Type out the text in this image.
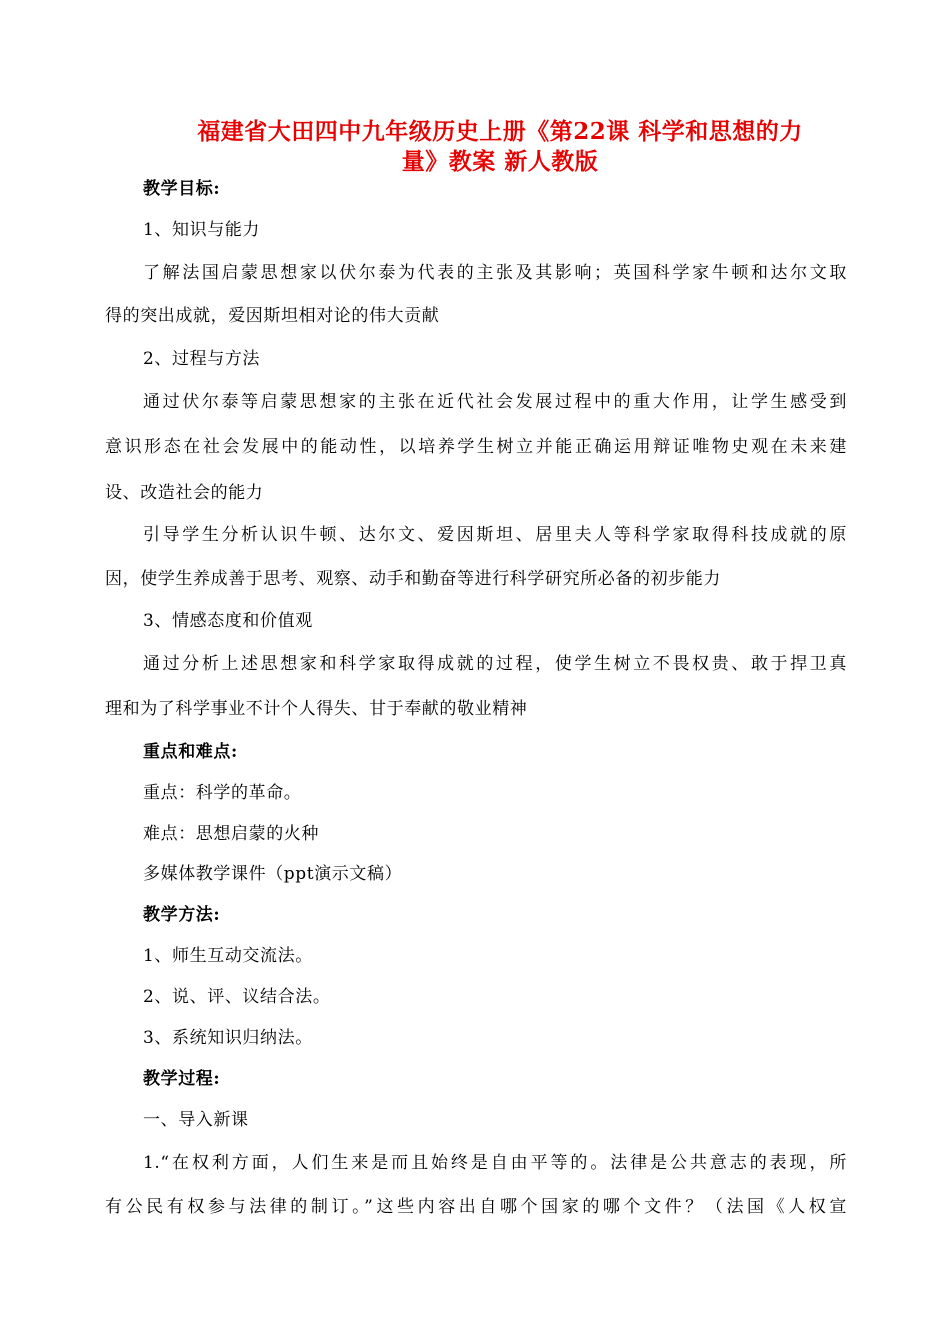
福建省大田四中九年级历史上册《第22课 科学和思想的力
量》教案 新人教版
教学目标:
1、知识与能力
了解法国启蒙思想家以伏尔泰为代表的主张及其影响；英国科学家牛顿和达尔文取
得的突出成就，爱因斯坦相对论的伟大贡献
2、过程与方法
通过伏尔泰等启蒙思想家的主张在近代社会发展过程中的重大作用，让学生感受到
意识形态在社会发展中的能动性，以培养学生树立并能正确运用辩证唯物史观在未来建
设、改造社会的能力
引导学生分析认识牛顿、达尔文、爱因斯坦、居里夫人等科学家取得科技成就的原
因，使学生养成善于思考、观察、动手和勤奋等进行科学研究所必备的初步能力
3、情感态度和价值观
通过分析上述思想家和科学家取得成就的过程，使学生树立不畏权贵、敢于捍卫真
理和为了科学事业不计个人得失、甘于奉献的敬业精神
重点和难点:
重点：科学的革命。
难点：思想启蒙的火种
多媒体教学课件（ppt演示文稿）
教学方法:
1、师生互动交流法。
2、说、评、议结合法。
3、系统知识归纳法。
教学过程:
一、导入新课
1.“在权利方面，人们生来是而且始终是自由平等的。法律是公共意志的表现，所
有公民有权参与法律的制订。”这些内容出自哪个国家的哪个文件？（法国《人权宣
